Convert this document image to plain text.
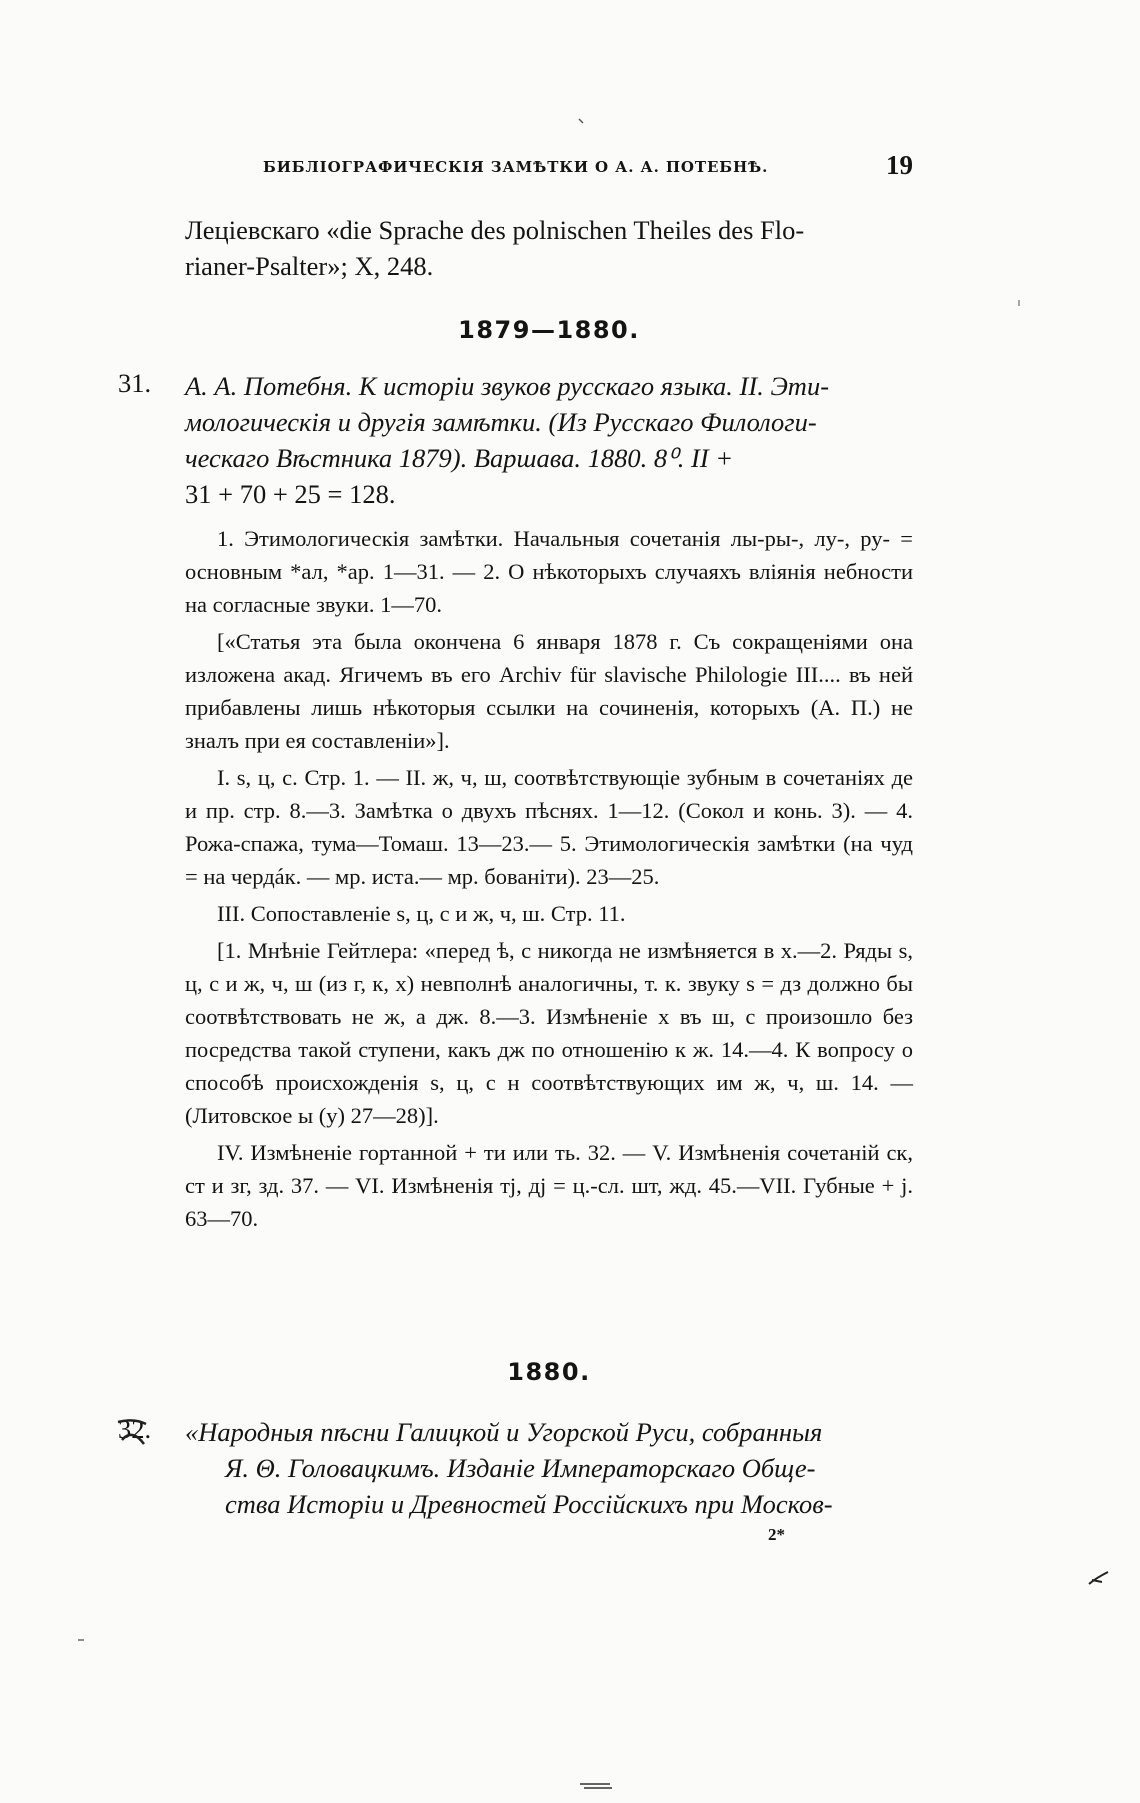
БИБЛIОГРАФИЧЕСКIЯ ЗАМѢТКИ О А. А. ПОТЕБНѢ.	19

Лецiевскаго «die Sprache des polnischen Theiles des Flo-

rianer-Psalter»; X, 248.

1879—1880.
31. А. А. Потебня. К исторiи звуков русскаго языка. II. Эти-

мологическiя и другiя замѣтки. (Из Русскаго Филологи-

ческаго Вѣстника 1879). Варшава. 1880. 8⁰. II +

31 + 70 + 25 = 128.

1. Этимологическiя замѣтки. Начальныя сочетанiя лы-ры-, лу-, ру- = основным *ал, *ар. 1—31. — 2. О нѣкоторыхъ случаяхъ влiянiя небности на согласные звуки. 1—70.

[«Статья эта была окончена 6 января 1878 г. Съ сокращенiями она изложена акад. Ягичемъ въ его Archiv für slavische Philologie III.... въ ней прибавлены лишь нѣкоторыя ссылки на сочиненiя, которыхъ (А. П.) не зналъ при ея составленiи»].

I. s, ц, с. Стр. 1. — II. ж, ч, ш, соотвѣтствующiе зубным в сочетанiях де и пр. стр. 8.—3. Замѣтка о двухъ пѣснях. 1—12. (Сокол и конь. 3). — 4. Рожа-спажа, тума—Томаш. 13—23.— 5. Этимологическiя замѣтки (на чуд = на чердáк. — мр. иста.— мр. бованiти). 23—25.

III. Сопоставленiе s, ц, с и ж, ч, ш. Стр. 11.

[1. Мнѣнiе Гейтлера: «перед ѣ, с никогда не измѣняется в х.—2. Ряды s, ц, с и ж, ч, ш (из г, к, х) невполнѣ аналогичны, т. к. звуку s = дз должно бы соотвѣтствовать не ж, а дж. 8.—3. Измѣненiе х въ ш, с произошло без посредства такой ступени, какъ дж по отношенiю к ж. 14.—4. К вопросу о способѣ происхожденiя s, ц, с н соотвѣтствующих им ж, ч, ш. 14. — (Литовское ы (у) 27—28)].

IV. Измѣненiе гортанной + ти или ть. 32. — V. Измѣненiя сочетанiй ск, ст и зг, зд. 37. — VI. Измѣненiя тj, дj = ц.-сл. шт, жд. 45.—VII. Губные + j. 63—70.

1880.
32. «Народныя пѣсни Галицкой и Угорской Руси, собранныя

Я. Θ. Головацкимъ. Изданiе Императорскаго Обще-

ства Исторiи и Древностей Россiйскихъ при Москов-

2*
